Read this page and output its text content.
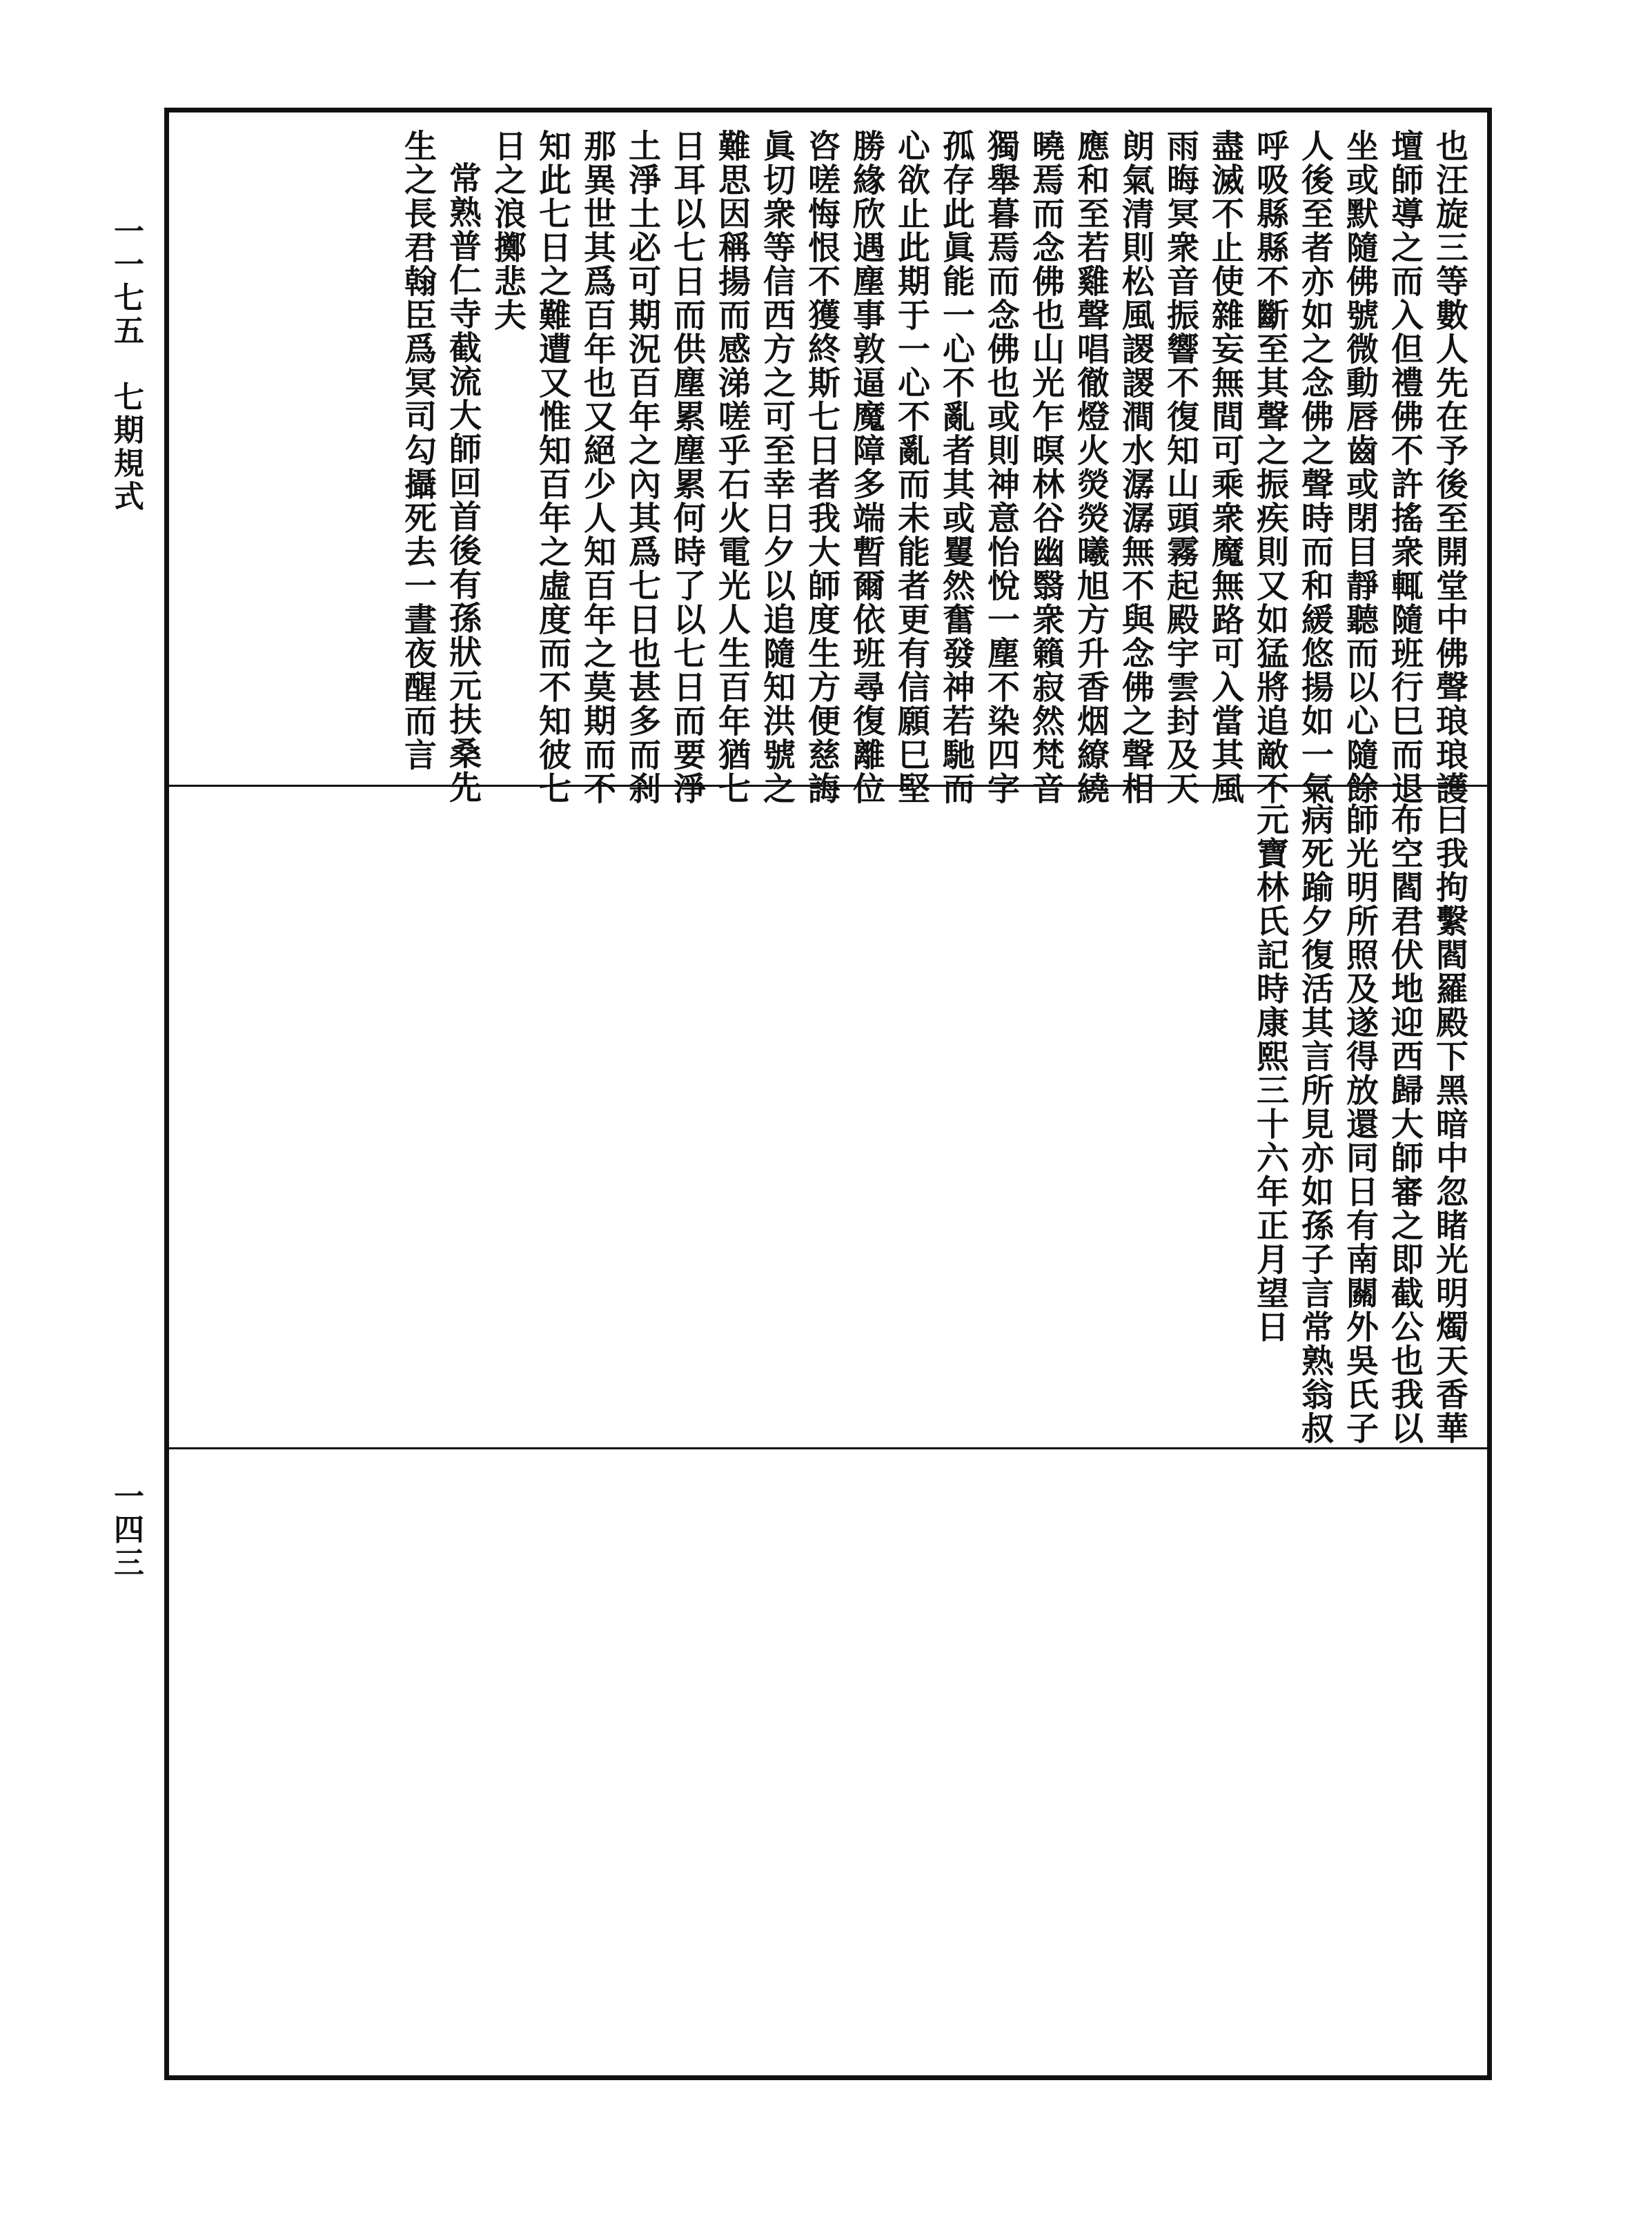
一一七五　七期規式
一四三
也汪旋三等數人先在予後至開堂中佛聲琅琅護
壇師導之而入但禮佛不許搖衆輒隨班行巳而退
坐或默隨佛號微動唇齒或閉目靜聽而以心隨餘
人後至者亦如之念佛之聲時而和緩悠揚如一氣
呼吸縣縣不斷至其聲之振疾則又如猛將追敵不
盡滅不止使雜妄無間可乘衆魔無路可入當其風
雨晦冥衆音振響不復知山頭霧起殿宇雲封及天
朗氣清則松風謖謖澗水潺潺無不與念佛之聲相
應和至若雞聲唱徹燈火熒熒曦旭方升香烟繚繞
曉焉而念佛也山光乍暝林谷幽翳衆籟寂然梵音
獨舉暮焉而念佛也或則神意怡悅一塵不染四字
孤存此眞能一心不亂者其或矍然奮發神若馳而
心欲止此期于一心不亂而未能者更有信願巳堅
勝緣欣遇塵事敦逼魔障多端暫爾依班尋復離位
咨嗟悔恨不獲終斯七日者我大師度生方便慈誨
眞切衆等信西方之可至幸日夕以追隨知洪號之
難思因稱揚而感涕嗟乎石火電光人生百年猶七
日耳以七日而供塵累塵累何時了以七日而要淨
土淨土必可期況百年之內其爲七日也甚多而刹
那異世其爲百年也又絕少人知百年之莫期而不
知此七日之難遭又惟知百年之虛度而不知彼七
日之浪擲悲夫
常熟普仁寺截流大師回首後有孫狀元扶桑先
生之長君翰臣爲冥司勾攝死去一晝夜醒而言
曰我拘繫閻羅殿下黑暗中忽睹光明燭天香華
布空閻君伏地迎西歸大師審之即截公也我以
師光明所照及遂得放還同日有南關外吳氏子
病死踰夕復活其言所見亦如孫子言常熟翁叔
元寶林氏記時康熙三十六年正月望日
